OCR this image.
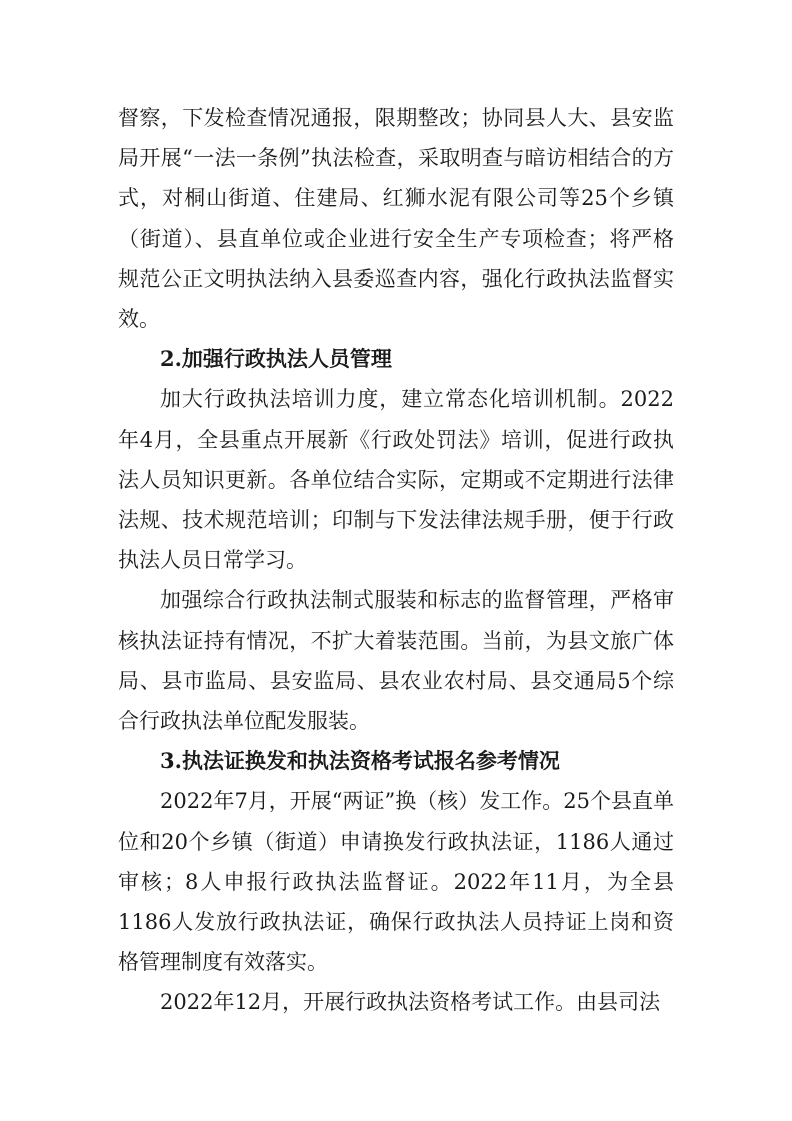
督察，下发检查情况通报，限期整改；协同县人大、县安监局开展“一法一条例”执法检查，采取明查与暗访相结合的方式，对桐山街道、住建局、红狮水泥有限公司等25个乡镇（街道）、县直单位或企业进行安全生产专项检查；将严格规范公正文明执法纳入县委巡查内容，强化行政执法监督实效。

2.加强行政执法人员管理

加大行政执法培训力度，建立常态化培训机制。2022年4月，全县重点开展新《行政处罚法》培训，促进行政执法人员知识更新。各单位结合实际，定期或不定期进行法律法规、技术规范培训；印制与下发法律法规手册，便于行政执法人员日常学习。

加强综合行政执法制式服装和标志的监督管理，严格审核执法证持有情况，不扩大着装范围。当前，为县文旅广体局、县市监局、县安监局、县农业农村局、县交通局5个综合行政执法单位配发服装。

3.执法证换发和执法资格考试报名参考情况

2022年7月，开展“两证”换（核）发工作。25个县直单位和20个乡镇（街道）申请换发行政执法证，1186人通过审核；8人申报行政执法监督证。2022年11月，为全县1186人发放行政执法证，确保行政执法人员持证上岗和资格管理制度有效落实。

2022年12月，开展行政执法资格考试工作。由县司法
